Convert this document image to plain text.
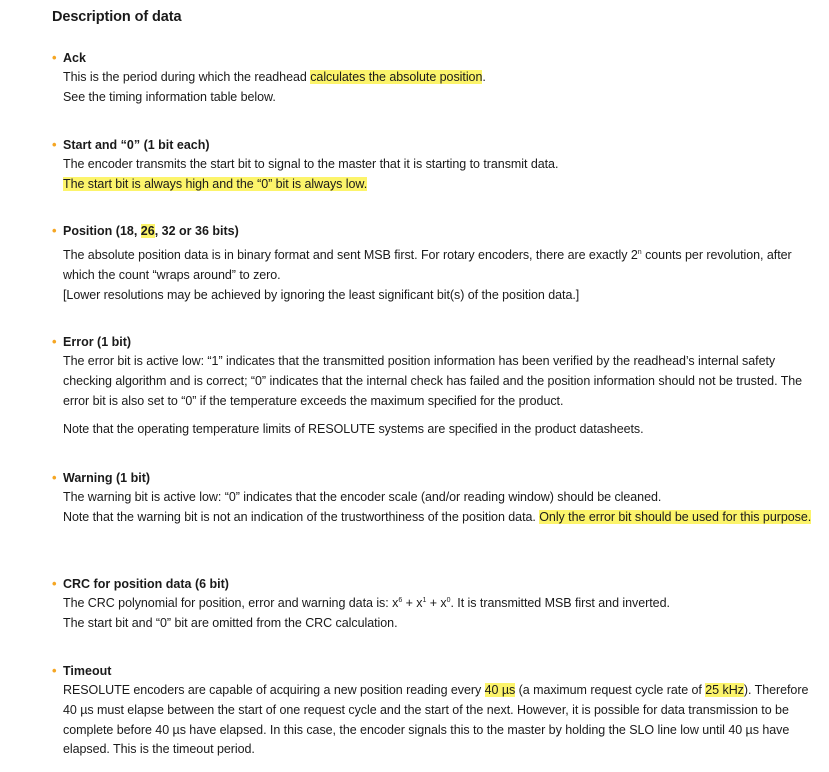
Description of data
• Ack

This is the period during which the readhead calculates the absolute position.

See the timing information table below.

• Start and “0” (1 bit each)

The encoder transmits the start bit to signal to the master that it is starting to transmit data.

The start bit is always high and the “0” bit is always low.

• Position (18, 26, 32 or 36 bits)

The absolute position data is in binary format and sent MSB first. For rotary encoders, there are exactly 2$^n$ counts per revolution, after which the count “wraps around” to zero.

[Lower resolutions may be achieved by ignoring the least significant bit(s) of the position data.]

• Error (1 bit)

The error bit is active low: “1” indicates that the transmitted position information has been verified by the readhead’s internal safety checking algorithm and is correct; “0” indicates that the internal check has failed and the position information should not be trusted. The error bit is also set to “0” if the temperature exceeds the maximum specified for the product.

Note that the operating temperature limits of RESOLUTE systems are specified in the product datasheets.

• Warning (1 bit)

The warning bit is active low: “0” indicates that the encoder scale (and/or reading window) should be cleaned.

Note that the warning bit is not an indication of the trustworthiness of the position data. Only the error bit should be used for this purpose.

• CRC for position data (6 bit)

The CRC polynomial for position, error and warning data is: $x^6 + x^1 + x^0$. It is transmitted MSB first and inverted.

The start bit and “0” bit are omitted from the CRC calculation.

• Timeout

RESOLUTE encoders are capable of acquiring a new position reading every 40 µs (a maximum request cycle rate of 25 kHz). Therefore 40 µs must elapse between the start of one request cycle and the start of the next. However, it is possible for data transmission to be complete before 40 µs have elapsed. In this case, the encoder signals this to the master by holding the SLO line low until 40 µs have elapsed. This is the timeout period.
